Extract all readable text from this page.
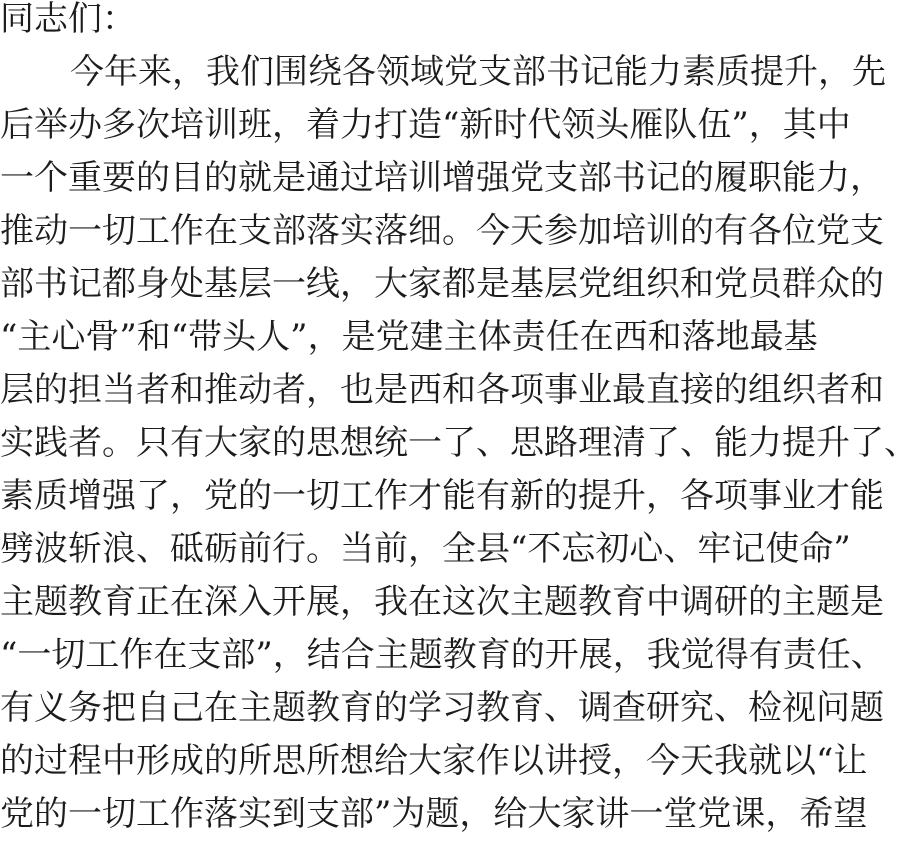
同志们：
今 年 来 ， 我 们 围 绕 各 领 域 党 支 部 书 记 能 力 素 质 提 升 ， 先
后 举 办 多 次 培 训 班 ， 着 力 打 造 “ 新 时 代 领 头 雁 队 伍 ” ， 其 中
一 个 重 要 的 目 的 就 是 通 过 培 训 增 强 党 支 部 书 记 的 履 职 能 力 ，
推 动 一 切 工 作 在 支 部 落 实 落 细 。 今 天 参 加 培 训 的 有 各 位 党 支
部 书 记 都 身 处 基 层 一 线 ， 大 家 都 是 基 层 党 组 织 和 党 员 群 众 的
“ 主 心 骨 ” 和 “ 带 头 人 ” ， 是 党 建 主 体 责 任 在 西 和 落 地 最 基
层 的 担 当 者 和 推 动 者 ， 也 是 西 和 各 项 事 业 最 直 接 的 组 织 者 和
实 践 者 。 只 有 大 家 的 思 想 统 一 了 、 思 路 理 清 了 、 能 力 提 升 了 、
素 质 增 强 了 ， 党 的 一 切 工 作 才 能 有 新 的 提 升 ， 各 项 事 业 才 能
劈 波 斩 浪 、 砥 砺 前 行 。 当 前 ， 全 县 “ 不 忘 初 心 、 牢 记 使 命 ”
主 题 教 育 正 在 深 入 开 展 ， 我 在 这 次 主 题 教 育 中 调 研 的 主 题 是
“ 一 切 工 作 在 支 部 ” ， 结 合 主 题 教 育 的 开 展 ， 我 觉 得 有 责 任 、
有 义 务 把 自 己 在 主 题 教 育 的 学 习 教 育 、 调 查 研 究 、 检 视 问 题
的 过 程 中 形 成 的 所 思 所 想 给 大 家 作 以 讲 授 ， 今 天 我 就 以 “ 让
党 的 一 切 工 作 落 实 到 支 部 ” 为 题 ， 给 大 家 讲 一 堂 党 课 ， 希 望
